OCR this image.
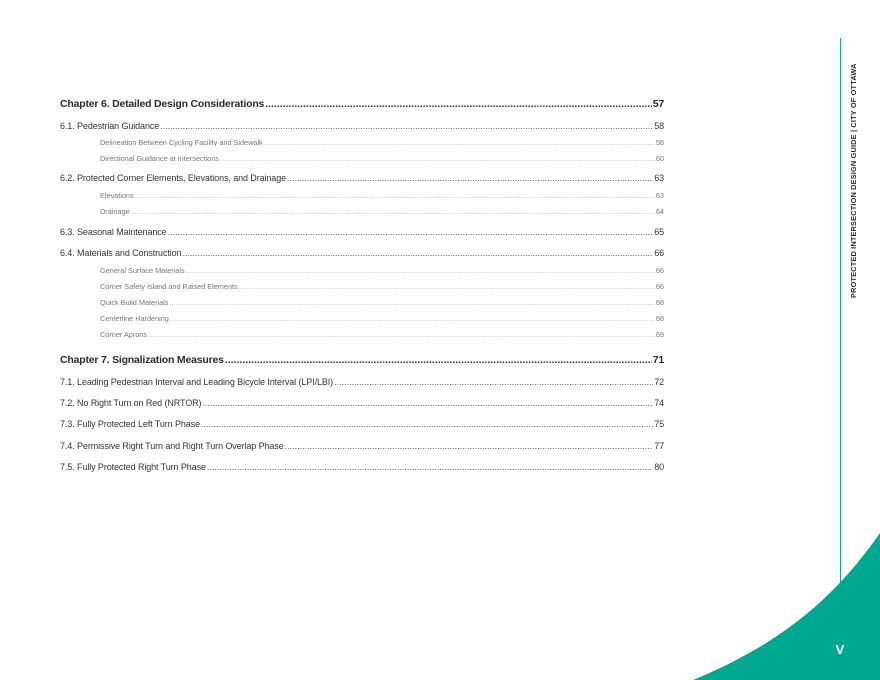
Chapter 6. Detailed Design Considerations .....	57
6.1. Pedestrian Guidance .....	58
Delineation Between Cycling Facility and Sidewalk .....	58
Directional Guidance at Intersections .....	60
6.2. Protected Corner Elements, Elevations, and Drainage .....	63
Elevations .....	63
Drainage .....	64
6.3. Seasonal Maintenance .....	65
6.4. Materials and Construction .....	66
General Surface Materials .....	66
Corner Safety Island and Raised Elements .....	66
Quick Build Materials .....	68
Centerline Hardening .....	68
Corner Aprons .....	69
Chapter 7. Signalization Measures .....	71
7.1. Leading Pedestrian Interval and Leading Bicycle Interval (LPI/LBI) .....	72
7.2. No Right Turn on Red (NRTOR) .....	74
7.3. Fully Protected Left Turn Phase .....	75
7.4. Permissive Right Turn and Right Turn Overlap Phase .....	77
7.5. Fully Protected Right Turn Phase .....	80
PROTECTED INTERSECTION DESIGN GUIDE | CITY OF OTTAWA
V
